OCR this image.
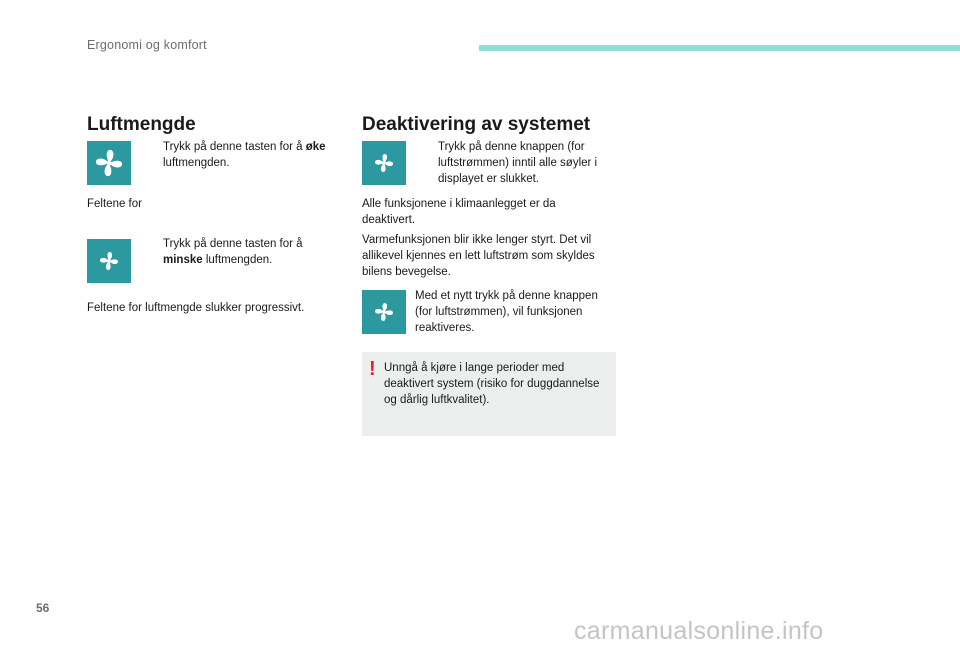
Ergonomi og komfort
Luftmengde
Trykk på denne tasten for å øke luftmengden.

Feltene for

Trykk på denne tasten for å minske luftmengden.

Feltene for luftmengde slukker progressivt.

Deaktivering av systemet
Trykk på denne knappen (for luftstrømmen) inntil alle søyler i displayet er slukket.

Alle funksjonene i klimaanlegget er da deaktivert.

Varmefunksjonen blir ikke lenger styrt. Det vil allikevel kjennes en lett luftstrøm som skyldes bilens bevegelse.

Med et nytt trykk på denne knappen (for luftstrømmen), vil funksjonen reaktiveres.
! Unngå å kjøre i lange perioder med deaktivert system (risiko for duggdannelse og dårlig luftkvalitet).
56
carmanualsonline.info
